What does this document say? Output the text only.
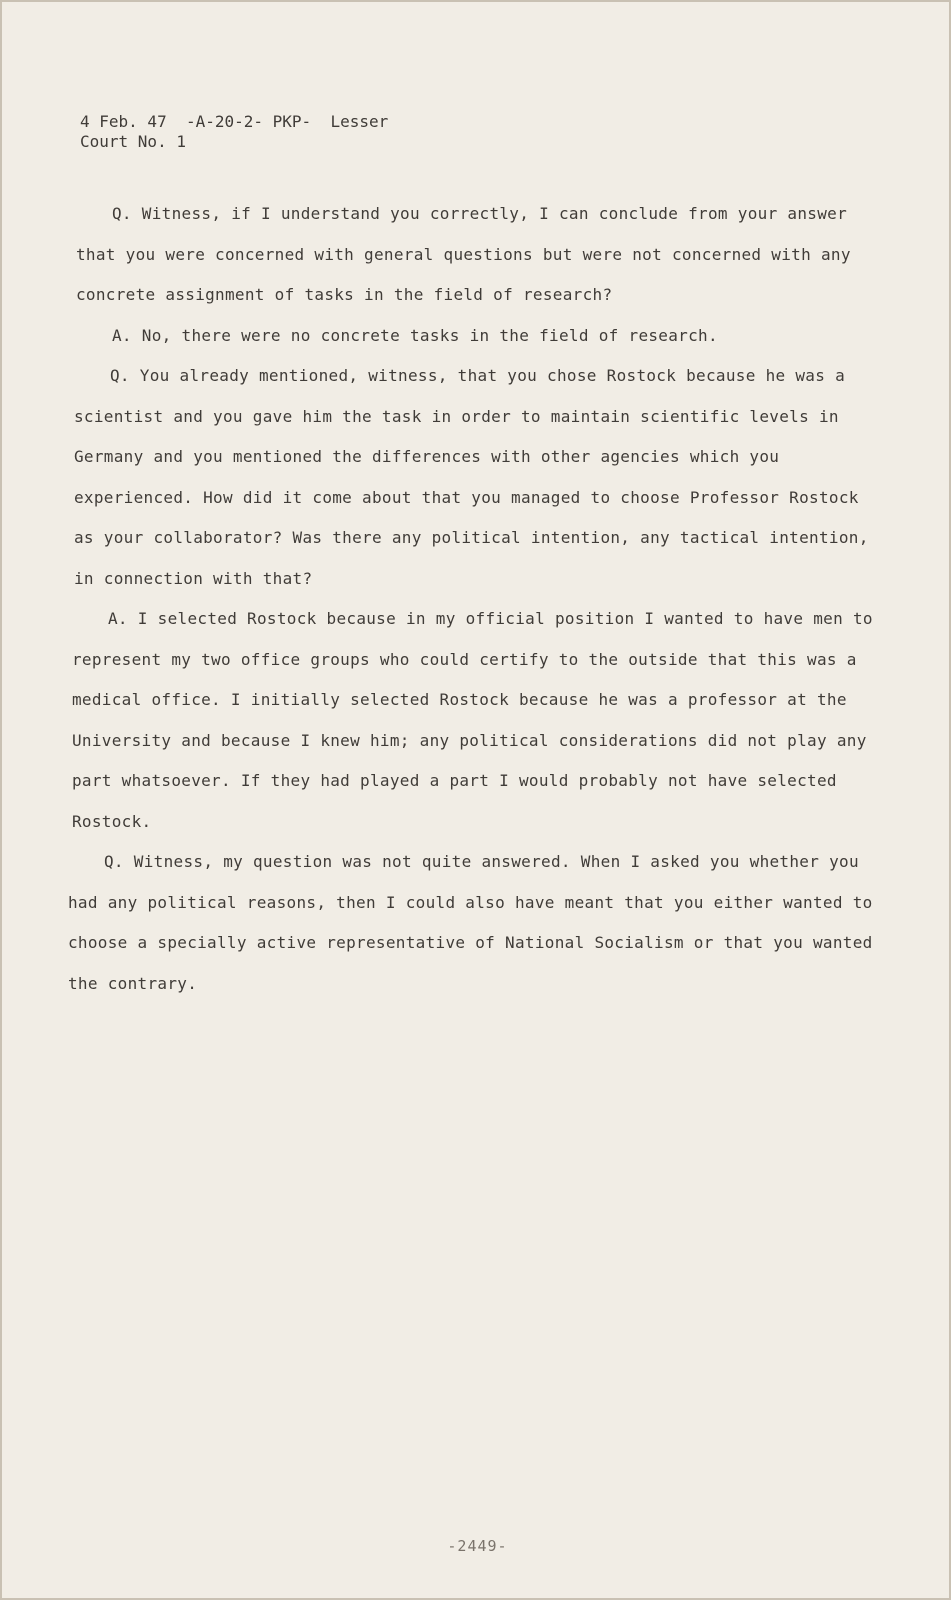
4 Feb. 47  -A-20-2- PKP-  Lesser
Court No. 1

Q. Witness, if I understand you correctly, I can conclude from your answer that you were concerned with general questions but were not concerned with any concrete assignment of tasks in the field of research?

A. No, there were no concrete tasks in the field of research.

Q. You already mentioned, witness, that you chose Rostock because he was a scientist and you gave him the task in order to maintain scientific levels in Germany and you mentioned the differences with other agencies which you experienced. How did it come about that you managed to choose Professor Rostock as your collaborator? Was there any political intention, any tactical intention, in connection with that?

A. I selected Rostock because in my official position I wanted to have men to represent my two office groups who could certify to the outside that this was a medical office. I initially selected Rostock because he was a professor at the University and because I knew him; any political considerations did not play any part whatsoever. If they had played a part I would probably not have selected Rostock.

Q. Witness, my question was not quite answered. When I asked you whether you had any political reasons, then I could also have meant that you either wanted to choose a specially active representative of National Socialism or that you wanted the contrary.

-2449-
